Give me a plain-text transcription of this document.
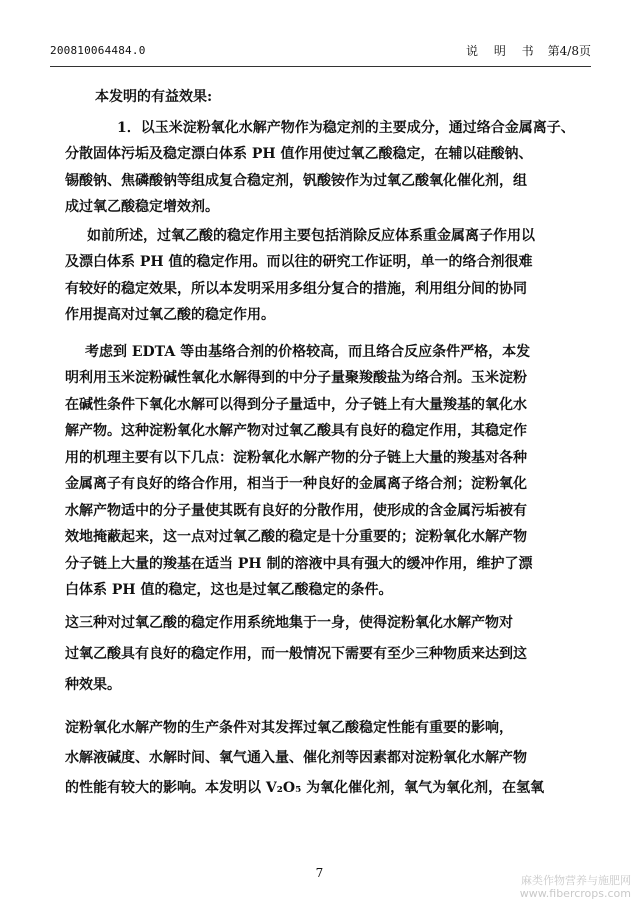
200810064484.0	说 明 书 第4/8页

本发明的有益效果:

1．以玉米淀粉氧化水解产物作为稳定剂的主要成分，通过络合金属离子、
分散固体污垢及稳定漂白体系 PH 值作用使过氧乙酸稳定，在辅以硅酸钠、
锡酸钠、焦磷酸钠等组成复合稳定剂，钒酸铵作为过氧乙酸氧化催化剂，组
成过氧乙酸稳定增效剂。

如前所述，过氧乙酸的稳定作用主要包括消除反应体系重金属离子作用以
及漂白体系 PH 值的稳定作用。而以往的研究工作证明，单一的络合剂很难
有较好的稳定效果，所以本发明采用多组分复合的措施，利用组分间的协同
作用提高对过氧乙酸的稳定作用。

考虑到 EDTA 等由基络合剂的价格较高，而且络合反应条件严格，本发
明利用玉米淀粉碱性氧化水解得到的中分子量聚羧酸盐为络合剂。玉米淀粉
在碱性条件下氧化水解可以得到分子量适中，分子链上有大量羧基的氧化水
解产物。这种淀粉氧化水解产物对过氧乙酸具有良好的稳定作用，其稳定作
用的机理主要有以下几点：淀粉氧化水解产物的分子链上大量的羧基对各种
金属离子有良好的络合作用，相当于一种良好的金属离子络合剂；淀粉氧化
水解产物适中的分子量使其既有良好的分散作用，使形成的含金属污垢被有
效地掩蔽起来，这一点对过氧乙酸的稳定是十分重要的；淀粉氧化水解产物
分子链上大量的羧基在适当 PH 制的溶液中具有强大的缓冲作用，维护了漂
白体系 PH 值的稳定，这也是过氧乙酸稳定的条件。

这三种对过氧乙酸的稳定作用系统地集于一身，使得淀粉氧化水解产物对
过氧乙酸具有良好的稳定作用，而一般情况下需要有至少三种物质来达到这
种效果。

淀粉氧化水解产物的生产条件对其发挥过氧乙酸稳定性能有重要的影响，
水解液碱度、水解时间、氧气通入量、催化剂等因素都对淀粉氧化水解产物
的性能有较大的影响。本发明以 V₂O₅ 为氧化催化剂，氧气为氧化剂，在氢氧

7
麻类作物营养与施肥网
www.fibercrops.com
